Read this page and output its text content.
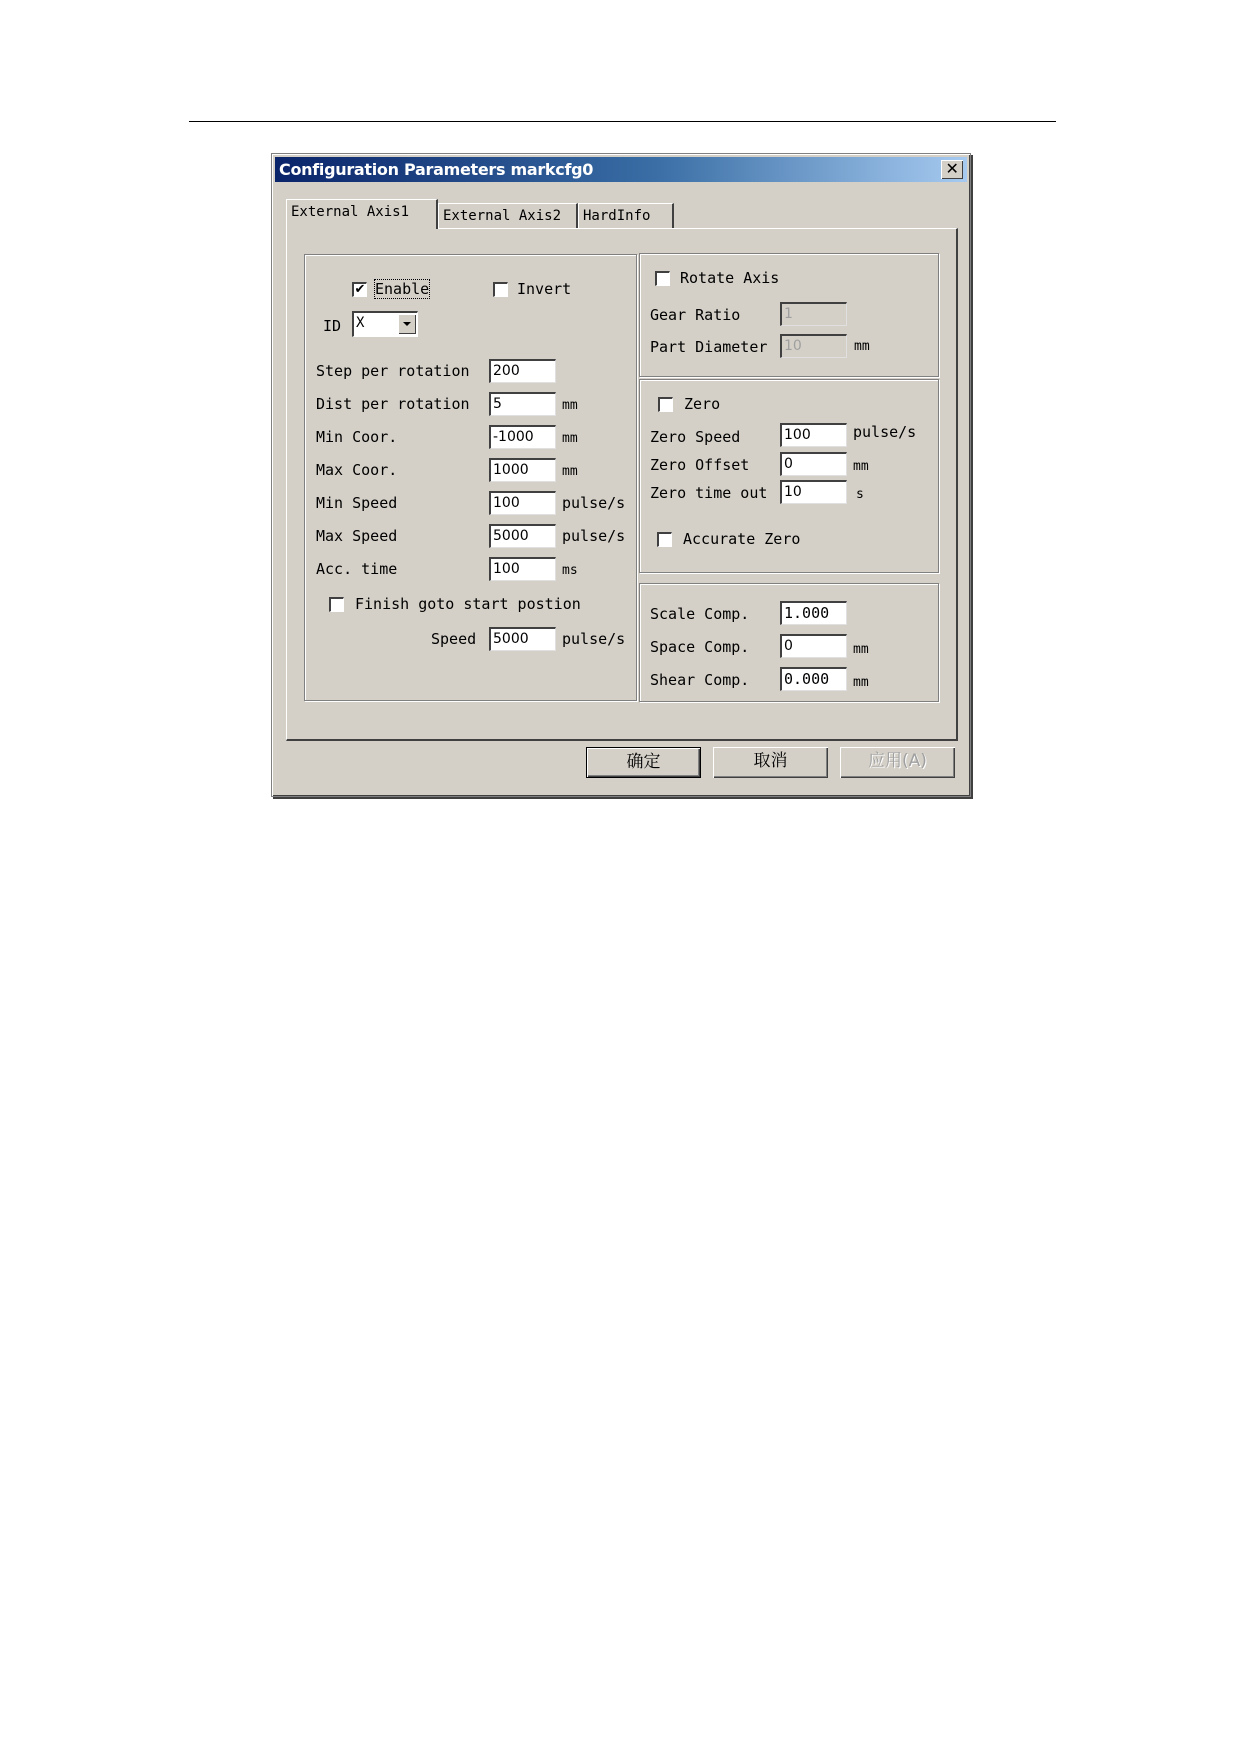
Configuration Parameters markcfg0	✕
External Axis1	External Axis2	HardInfo
✔ Enable	Invert
ID X
Step per rotation 200
Dist per rotation 5	mm
Min Coor.	-1000	mm
Max Coor.	1000	mm
Min Speed	100	pulse/s
Max Speed	5000	pulse/s
Acc. time	100	ms
Finish goto start postion
Speed 5000	pulse/s
Rotate Axis
Gear Ratio	1
Part Diameter 10	mm
Zero
Zero Speed	100	pulse/s
Zero Offset 0	mm
Zero time out 10	s
Accurate Zero
Scale Comp. 1.000
Space Comp. 0	mm
Shear Comp. 0.000	mm
确定	取消	应用(A)
